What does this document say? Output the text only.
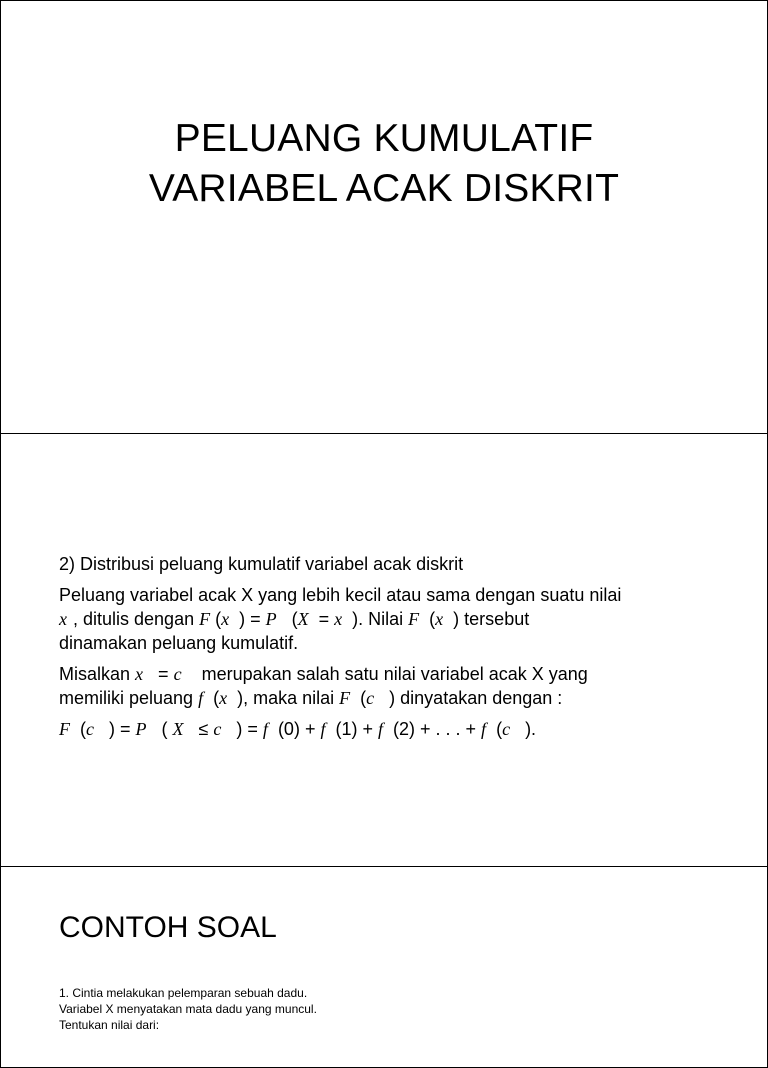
PELUANG KUMULATIF
VARIABEL ACAK DISKRIT

2) Distribusi peluang kumulatif variabel acak diskrit

Peluang variabel acak X yang lebih kecil atau sama dengan suatu nilai
x , ditulis dengan F (x  ) = P   (X  = x  ). Nilai F  (x  ) tersebut
dinamakan peluang kumulatif.

Misalkan x   = c merupakan salah satu nilai variabel acak X yang
memiliki peluang f  (x  ), maka nilai F  (c   ) dinyatakan dengan :

F  (c   ) = P   ( X   ≤ c   ) = f  (0) + f  (1) + f  (2) + . . . + f  (c   ).

CONTOH SOAL
1. Cintia melakukan pelemparan sebuah dadu.
Variabel X menyatakan mata dadu yang muncul.
Tentukan nilai dari:
